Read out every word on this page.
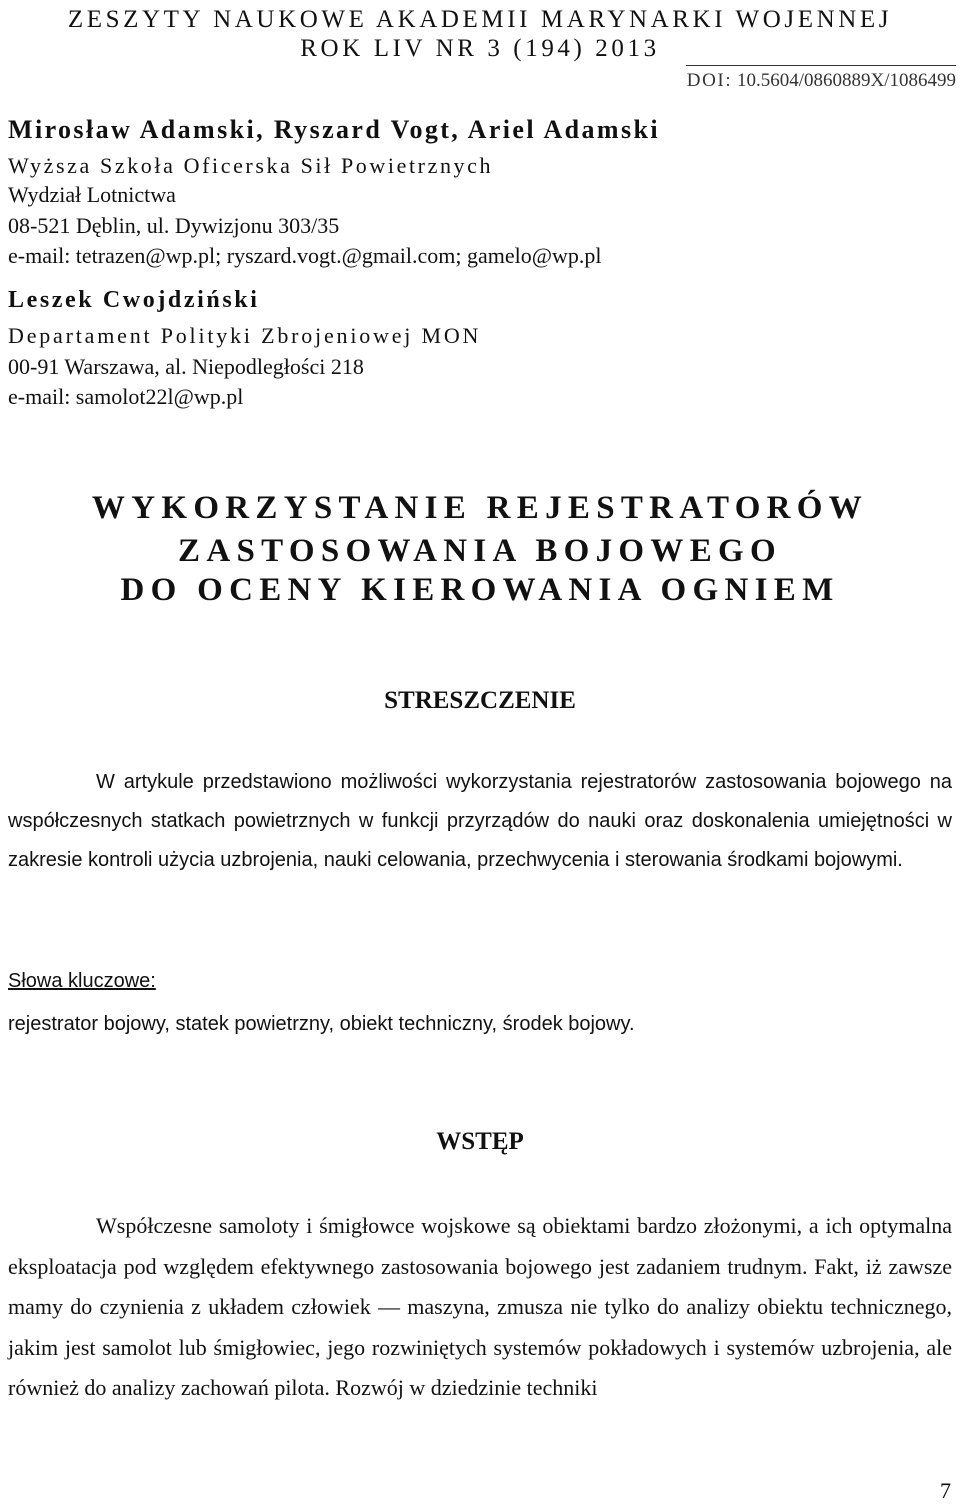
ZESZYTY NAUKOWE AKADEMII MARYNARKI WOJENNEJ
ROK LIV NR 3 (194) 2013
DOI: 10.5604/0860889X/1086499
Mirosław Adamski, Ryszard Vogt, Ariel Adamski
Wyższa Szkoła Oficerska Sił Powietrznych
Wydział Lotnictwa
08-521 Dęblin, ul. Dywizjonu 303/35
e-mail: tetrazen@wp.pl; ryszard.vogt.@gmail.com; gamelo@wp.pl
Leszek Cwojdziński
Departament Polityki Zbrojeniowej MON
00-91 Warszawa, al. Niepodległości 218
e-mail: samolot22l@wp.pl
WYKORZYSTANIE REJESTRATORÓW
ZASTOSOWANIA BOJOWEGO
DO OCENY KIEROWANIA OGNIEM
STRESZCZENIE

W artykule przedstawiono możliwości wykorzystania rejestratorów zastosowania bojowego na współczesnych statkach powietrznych w funkcji przyrządów do nauki oraz doskonalenia umiejętności w zakresie kontroli użycia uzbrojenia, nauki celowania, przechwycenia i sterowania środkami bojowymi.

Słowa kluczowe:
rejestrator bojowy, statek powietrzny, obiekt techniczny, środek bojowy.
WSTĘP

Współczesne samoloty i śmigłowce wojskowe są obiektami bardzo złożonymi, a ich optymalna eksploatacja pod względem efektywnego zastosowania bojowego jest zadaniem trudnym. Fakt, iż zawsze mamy do czynienia z układem człowiek — maszyna, zmusza nie tylko do analizy obiektu technicznego, jakim jest samolot lub śmigłowiec, jego rozwiniętych systemów pokładowych i systemów uzbrojenia, ale również do analizy zachowań pilota. Rozwój w dziedzinie techniki

7
